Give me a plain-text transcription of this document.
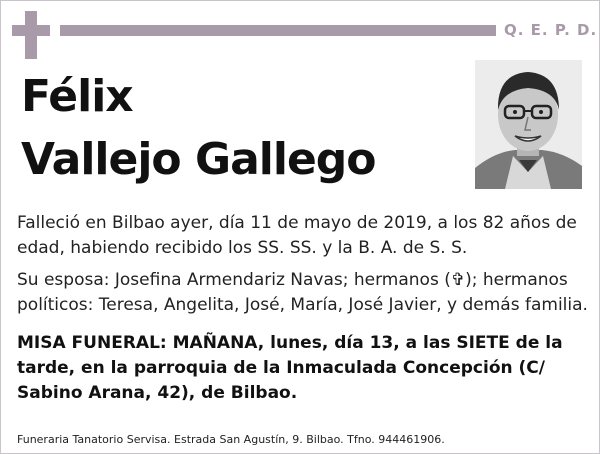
Q. E. P. D.
Félix
Vallejo Gallego

Falleció en Bilbao ayer, día 11 de mayo de 2019, a los 82 años de edad, habiendo recibido los SS. SS. y la B. A. de S. S.

Su esposa: Josefina Armendariz Navas; hermanos (✞); hermanos políticos: Teresa, Angelita, José, María, José Javier, y demás familia.

MISA FUNERAL: MAÑANA, lunes, día 13, a las SIETE de la tarde, en la parroquia de la Inmaculada Concepción (C/ Sabino Arana, 42), de Bilbao.

Funeraria Tanatorio Servisa. Estrada San Agustín, 9. Bilbao. Tfno. 944461906.
